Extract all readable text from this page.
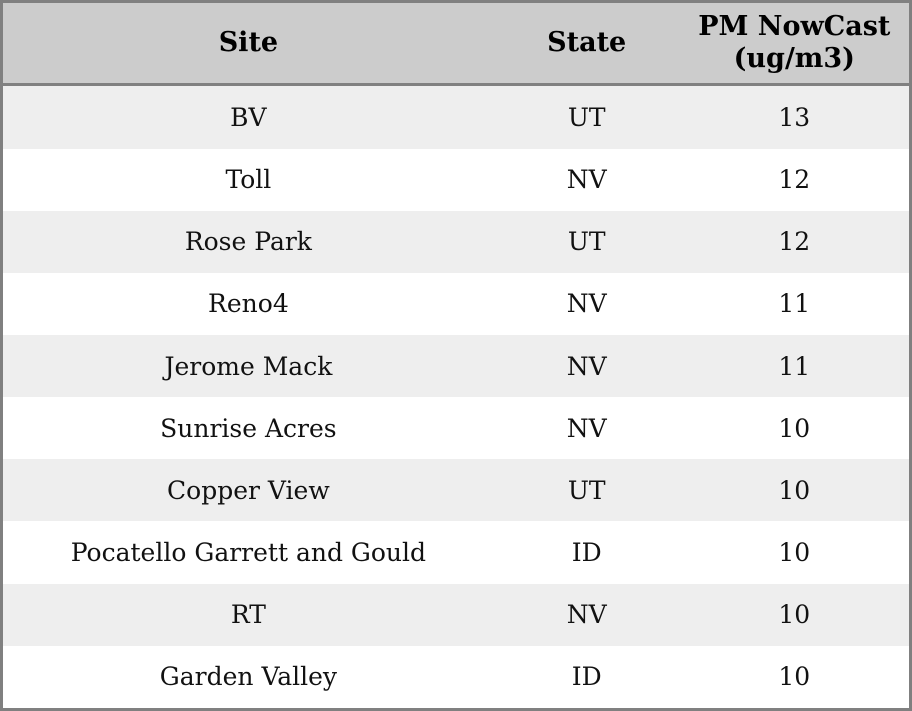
Site	State	PM NowCast (ug/m3)
BV	UT	13
Toll	NV	12
Rose Park	UT	12
Reno4	NV	11
Jerome Mack	NV	11
Sunrise Acres	NV	10
Copper View	UT	10
Pocatello Garrett and Gould	ID	10
RT	NV	10
Garden Valley	ID	10
